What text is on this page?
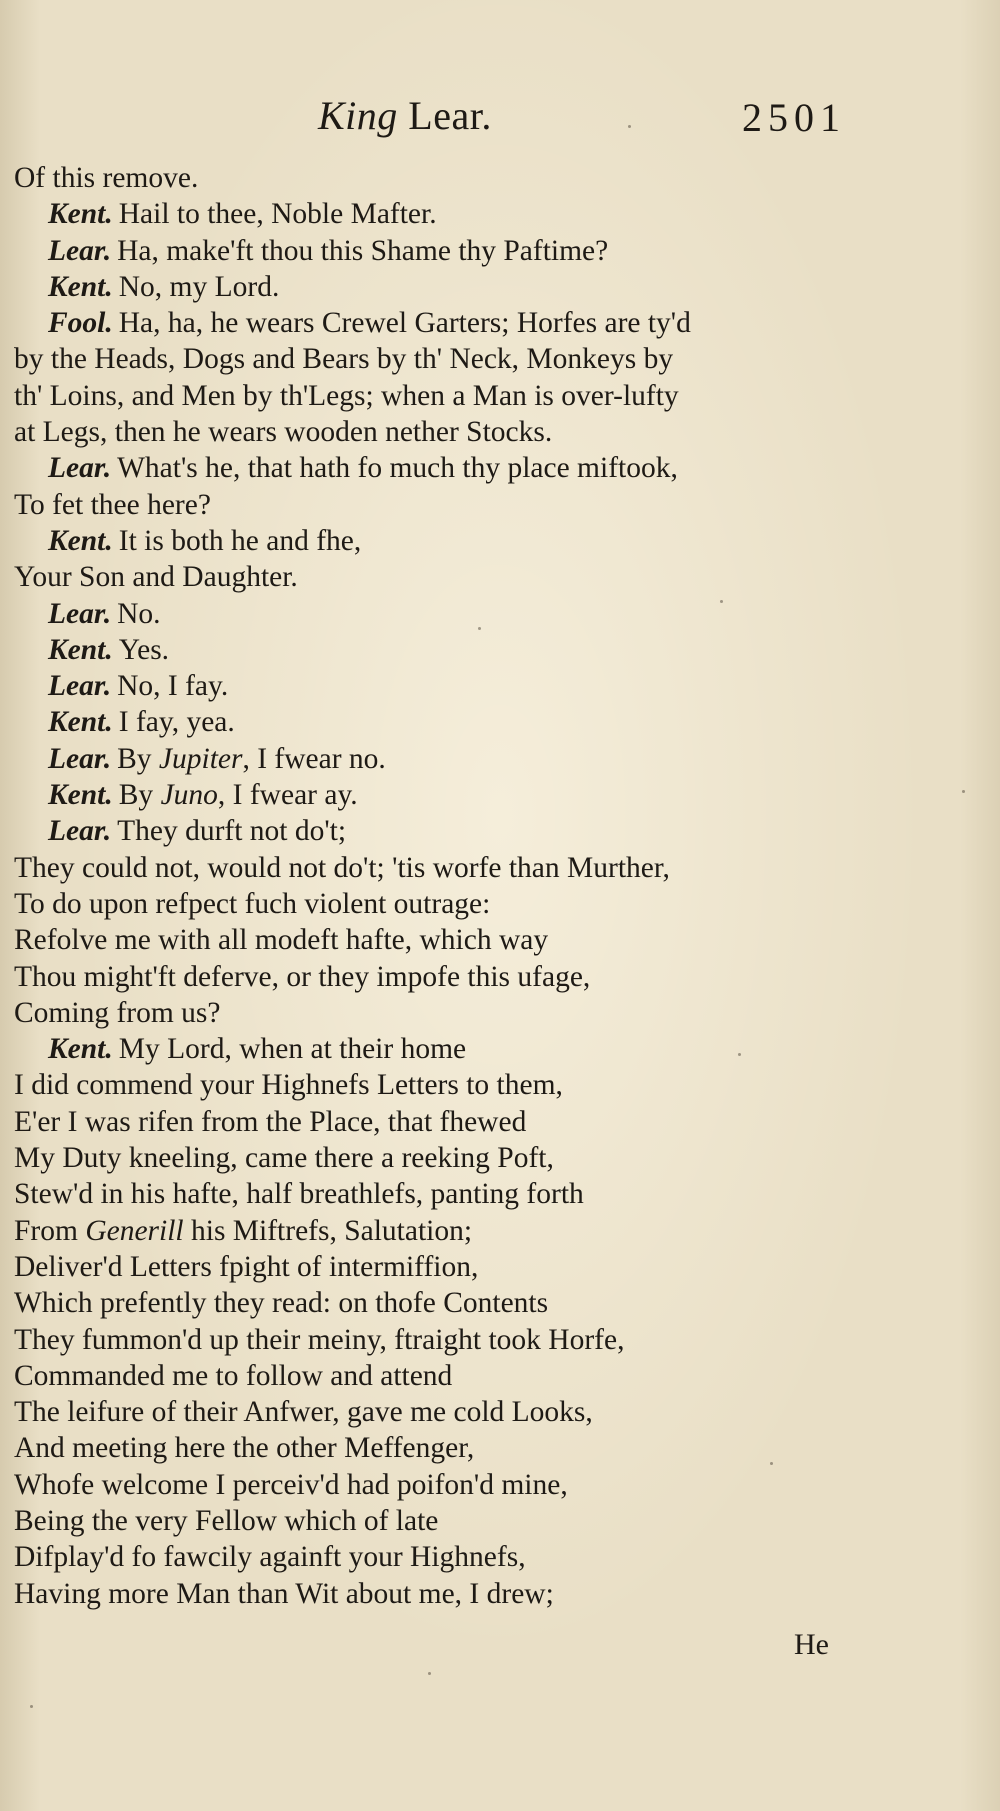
King Lear.	2501
Of this remove.
Kent. Hail to thee, Noble Mafter.
Lear. Ha, make'ft thou this Shame thy Paftime?
Kent. No, my Lord.
Fool. Ha, ha, he wears Crewel Garters; Horfes are ty'd
by the Heads, Dogs and Bears by th' Neck, Monkeys by
th' Loins, and Men by th'Legs; when a Man is over-lufty
at Legs, then he wears wooden nether Stocks.
Lear. What's he, that hath fo much thy place miftook,
To fet thee here?
Kent. It is both he and fhe,
Your Son and Daughter.
Lear. No.
Kent. Yes.
Lear. No, I fay.
Kent. I fay, yea.
Lear. By Jupiter, I fwear no.
Kent. By Juno, I fwear ay.
Lear. They durft not do't;
They could not, would not do't; 'tis worfe than Murther,
To do upon refpect fuch violent outrage:
Refolve me with all modeft hafte, which way
Thou might'ft deferve, or they impofe this ufage,
Coming from us?
Kent. My Lord, when at their home
I did commend your Highnefs Letters to them,
E'er I was rifen from the Place, that fhewed
My Duty kneeling, came there a reeking Poft,
Stew'd in his hafte, half breathlefs, panting forth
From Generill his Miftrefs, Salutation;
Deliver'd Letters fpight of intermiffion,
Which prefently they read: on thofe Contents
They fummon'd up their meiny, ftraight took Horfe,
Commanded me to follow and attend
The leifure of their Anfwer, gave me cold Looks,
And meeting here the other Meffenger,
Whofe welcome I perceiv'd had poifon'd mine,
Being the very Fellow which of late
Difplay'd fo fawcily againft your Highnefs,
Having more Man than Wit about me, I drew;
He
